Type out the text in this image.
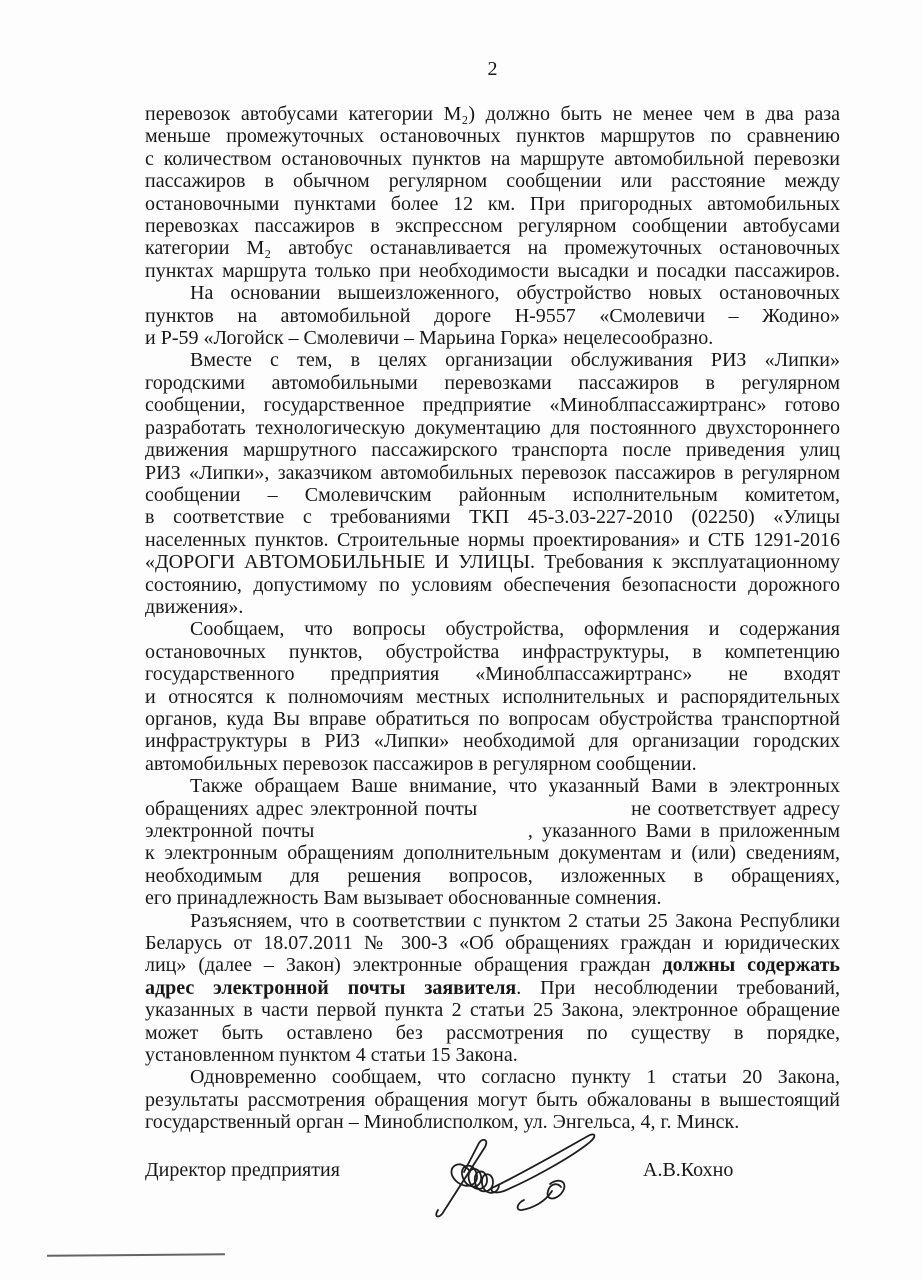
2
перевозок автобусами категории М₂) должно быть не менее чем в два раза
меньше промежуточных остановочных пунктов маршрутов по сравнению
с количеством остановочных пунктов на маршруте автомобильной перевозки
пассажиров в обычном регулярном сообщении или расстояние между
остановочными пунктами более 12 км. При пригородных автомобильных
перевозках пассажиров в экспрессном регулярном сообщении автобусами
категории М₂ автобус останавливается на промежуточных остановочных
пунктах маршрута только при необходимости высадки и посадки пассажиров.
На основании вышеизложенного, обустройство новых остановочных
пунктов на автомобильной дороге Н-9557 «Смолевичи – Жодино»
и Р-59 «Логойск – Смолевичи – Марьина Горка» нецелесообразно.
Вместе с тем, в целях организации обслуживания РИЗ «Липки»
городскими автомобильными перевозками пассажиров в регулярном
сообщении, государственное предприятие «Миноблпассажиртранс» готово
разработать технологическую документацию для постоянного двухстороннего
движения маршрутного пассажирского транспорта после приведения улиц
РИЗ «Липки», заказчиком автомобильных перевозок пассажиров в регулярном
сообщении – Смолевичским районным исполнительным комитетом,
в соответствие с требованиями ТКП 45-3.03-227-2010 (02250) «Улицы
населенных пунктов. Строительные нормы проектирования» и СТБ 1291-2016
«ДОРОГИ АВТОМОБИЛЬНЫЕ И УЛИЦЫ. Требования к эксплуатационному
состоянию, допустимому по условиям обеспечения безопасности дорожного
движения».
Сообщаем, что вопросы обустройства, оформления и содержания
остановочных пунктов, обустройства инфраструктуры, в компетенцию
государственного предприятия «Миноблпассажиртранс» не входят
и относятся к полномочиям местных исполнительных и распорядительных
органов, куда Вы вправе обратиться по вопросам обустройства транспортной
инфраструктуры в РИЗ «Липки» необходимой для организации городских
автомобильных перевозок пассажиров в регулярном сообщении.
Также обращаем Ваше внимание, что указанный Вами в электронных
обращениях адрес электронной почты	не соответствует адресу
электронной почты	, указанного Вами в приложенным
к электронным обращениям дополнительным документам и (или) сведениям,
необходимым для решения вопросов, изложенных в обращениях,
его принадлежность Вам вызывает обоснованные сомнения.
Разъясняем, что в соответствии с пунктом 2 статьи 25 Закона Республики
Беларусь от 18.07.2011 № 300-З «Об обращениях граждан и юридических
лиц» (далее – Закон) электронные обращения граждан должны содержать
адрес электронной почты заявителя. При несоблюдении требований,
указанных в части первой пункта 2 статьи 25 Закона, электронное обращение
может быть оставлено без рассмотрения по существу в порядке,
установленном пунктом 4 статьи 15 Закона.
Одновременно сообщаем, что согласно пункту 1 статьи 20 Закона,
результаты рассмотрения обращения могут быть обжалованы в вышестоящий
государственный орган – Миноблисполком, ул. Энгельса, 4, г. Минск.
Директор предприятия	А.В.Кохно
